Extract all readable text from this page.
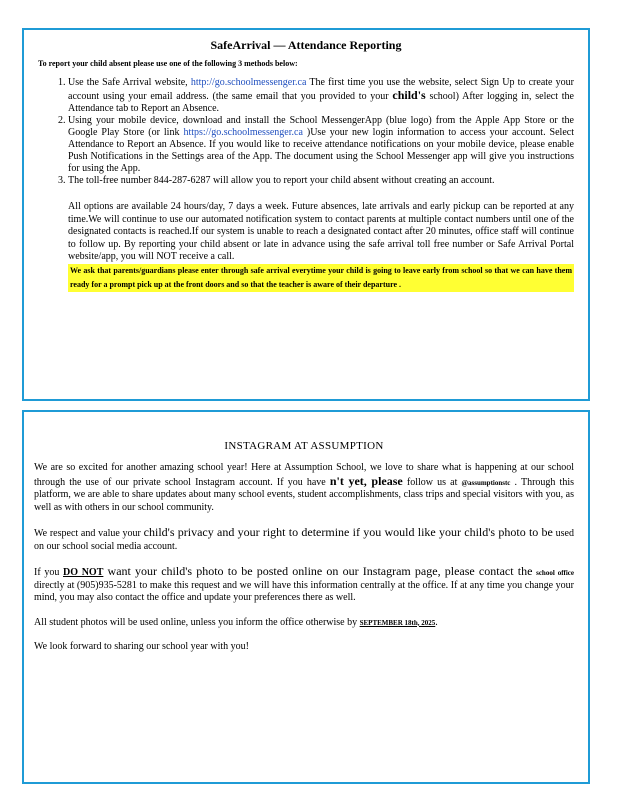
SafeArrival — Attendance Reporting
To report your child absent please use one of the following 3 methods below:
1. Use the Safe Arrival website, http://go.schoolmessenger.ca The first time you use the website, select Sign Up to create your account using your email address. (the same email that you provided to your child's school) After logging in, select the Attendance tab to Report an Absence.
2. Using your mobile device, download and install the School MessengerApp (blue logo) from the Apple App Store or the Google Play Store (or link https://go.schoolmessenger.ca )Use your new login information to access your account. Select Attendance to Report an Absence. If you would like to receive attendance notifications on your mobile device, please enable Push Notifications in the Settings area of the App. The document using the School Messenger app will give you instructions for using the App.
3. The toll-free number 844-287-6287 will allow you to report your child absent without creating an account.
All options are available 24 hours/day, 7 days a week. Future absences, late arrivals and early pickup can be reported at any time.We will continue to use our automated notification system to contact parents at multiple contact numbers until one of the designated contacts is reached.If our system is unable to reach a designated contact after 20 minutes, office staff will continue to follow up. By reporting your child absent or late in advance using the safe arrival toll free number or Safe Arrival Portal website/app, you will NOT receive a call.
We ask that parents/guardians please enter through safe arrival everytime your child is going to leave early from school so that we can have them ready for a prompt pick up at the front doors and so that the teacher is aware of their departure .
INSTAGRAM AT ASSUMPTION
We are so excited for another amazing school year! Here at Assumption School, we love to share what is happening at our school through the use of our private school Instagram account. If you have n't yet, please follow us at @assumptionstc . Through this platform, we are able to share updates about many school events, student accomplishments, class trips and special visitors with you, as well as with others in our school community.
We respect and value your child's privacy and your right to determine if you would like your child's photo to be used on our school social media account.
If you DO NOT want your child's photo to be posted online on our Instagram page, please contact the school office directly at (905)935-5281 to make this request and we will have this information centrally at the office. If at any time you change your mind, you may also contact the office and update your preferences there as well.
All student photos will be used online, unless you inform the office otherwise by SEPTEMBER 18th, 2025.
We look forward to sharing our school year with you!
